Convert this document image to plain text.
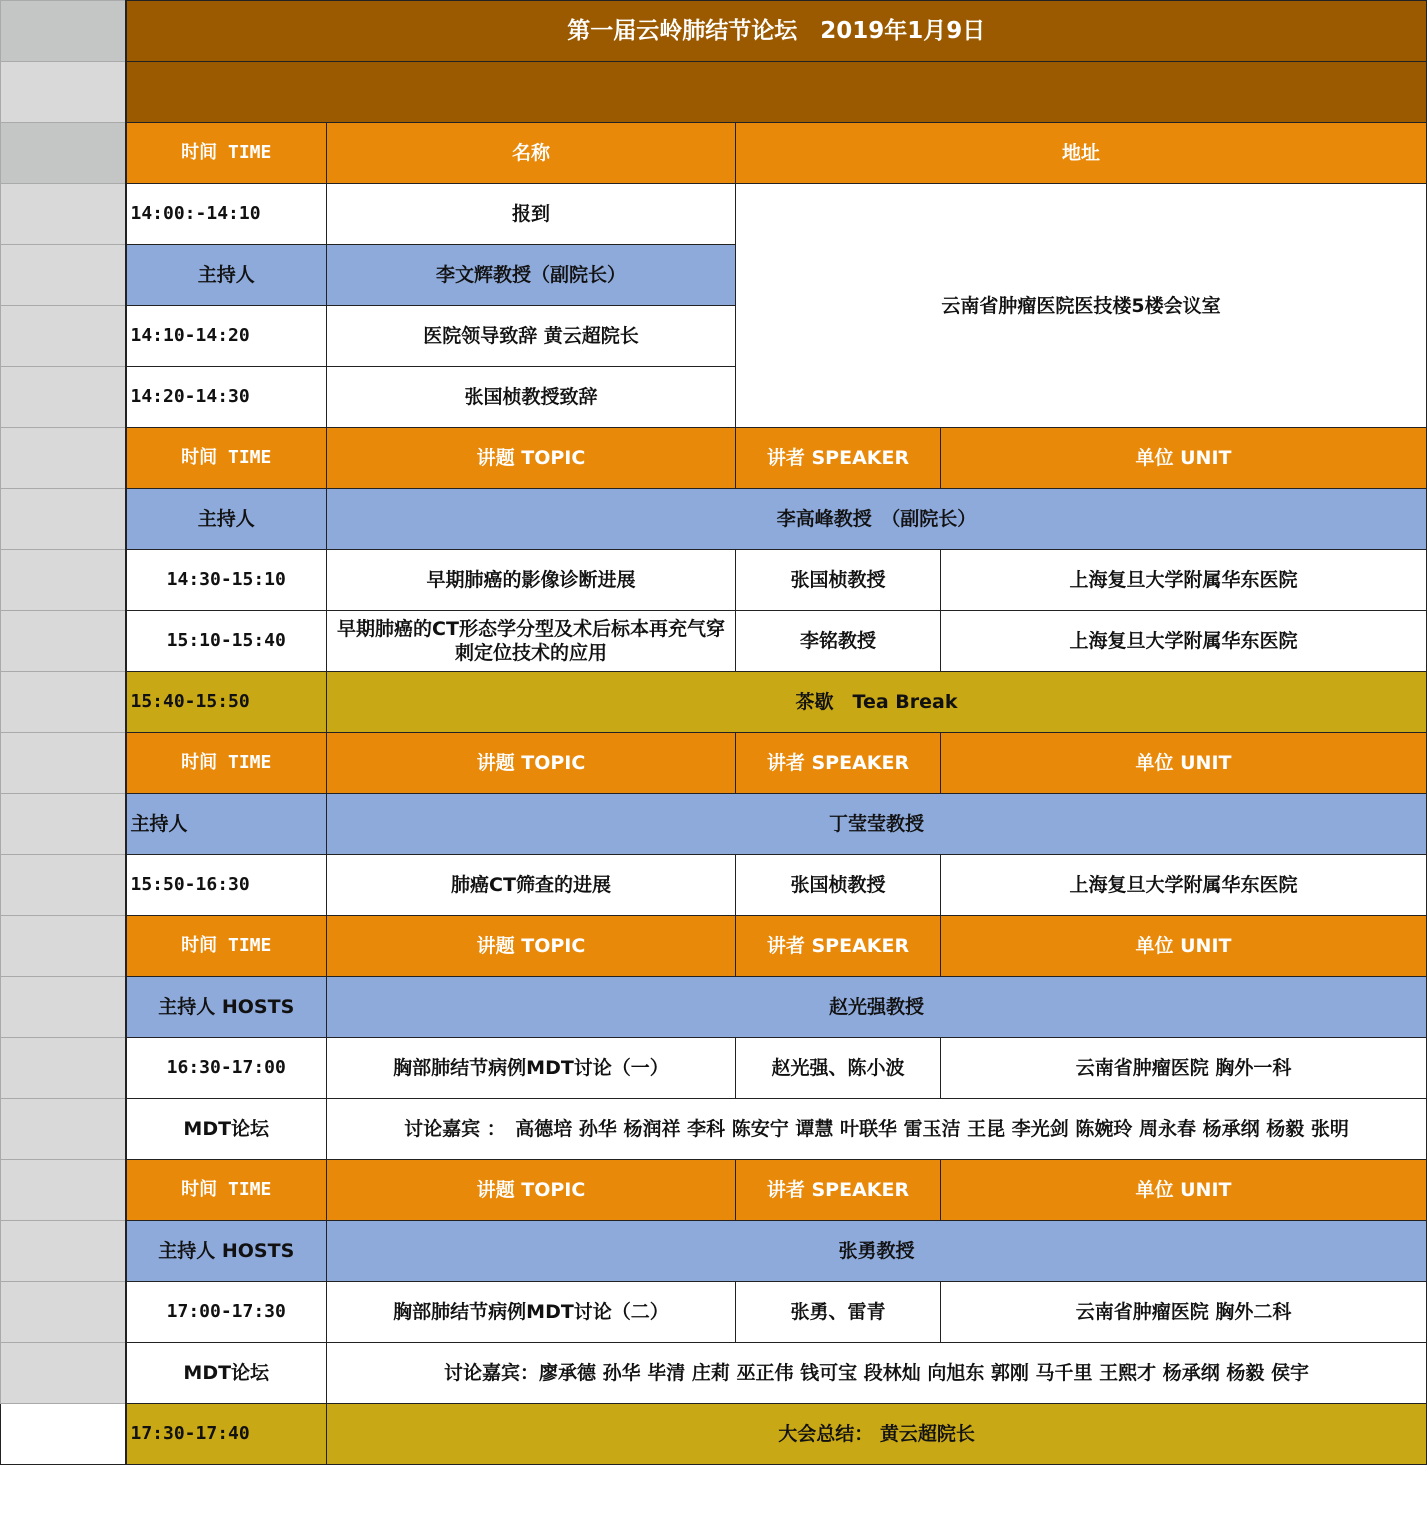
	第一届云岭肺结节论坛　2019年1月9日			

	时间 TIME	名称	地址	
	14:00:-14:10	报到	云南省肿瘤医院医技楼5楼会议室	
	主持人	李文辉教授（副院长）		
	14:10-14:20	医院领导致辞 黄云超院长		
	14:20-14:30	张国桢教授致辞		
	时间 TIME	讲题 TOPIC	讲者 SPEAKER	单位 UNIT
	主持人	李高峰教授　（副院长）		
	14:30-15:10	早期肺癌的影像诊断进展	张国桢教授	上海复旦大学附属华东医院
	15:10-15:40	早期肺癌的CT形态学分型及术后标本再充气穿刺定位技术的应用	李铭教授	上海复旦大学附属华东医院
	15:40-15:50	茶歇　Tea Break		
	时间 TIME	讲题 TOPIC	讲者 SPEAKER	单位 UNIT
	主持人	丁莹莹教授		
	15:50-16:30	肺癌CT筛查的进展	张国桢教授	上海复旦大学附属华东医院
	时间 TIME	讲题 TOPIC	讲者 SPEAKER	单位 UNIT
	主持人 HOSTS	赵光强教授		
	16:30-17:00	胸部肺结节病例MDT讨论（一）	赵光强、陈小波	云南省肿瘤医院 胸外一科
	MDT论坛	讨论嘉宾 ：　高德培 孙华 杨润祥 李科 陈安宁 谭慧 叶联华 雷玉洁 王昆 李光剑 陈婉玲 周永春 杨承纲 杨毅 张明		
	时间 TIME	讲题 TOPIC	讲者 SPEAKER	单位 UNIT
	主持人 HOSTS	张勇教授		
	17:00-17:30	胸部肺结节病例MDT讨论（二）	张勇、雷青	云南省肿瘤医院 胸外二科
	MDT论坛	讨论嘉宾：廖承德 孙华 毕清 庄莉 巫正伟 钱可宝 段林灿 向旭东 郭刚 马千里 王熙才 杨承纲 杨毅 侯宇		
	17:30-17:40	大会总结： 黄云超院长		
